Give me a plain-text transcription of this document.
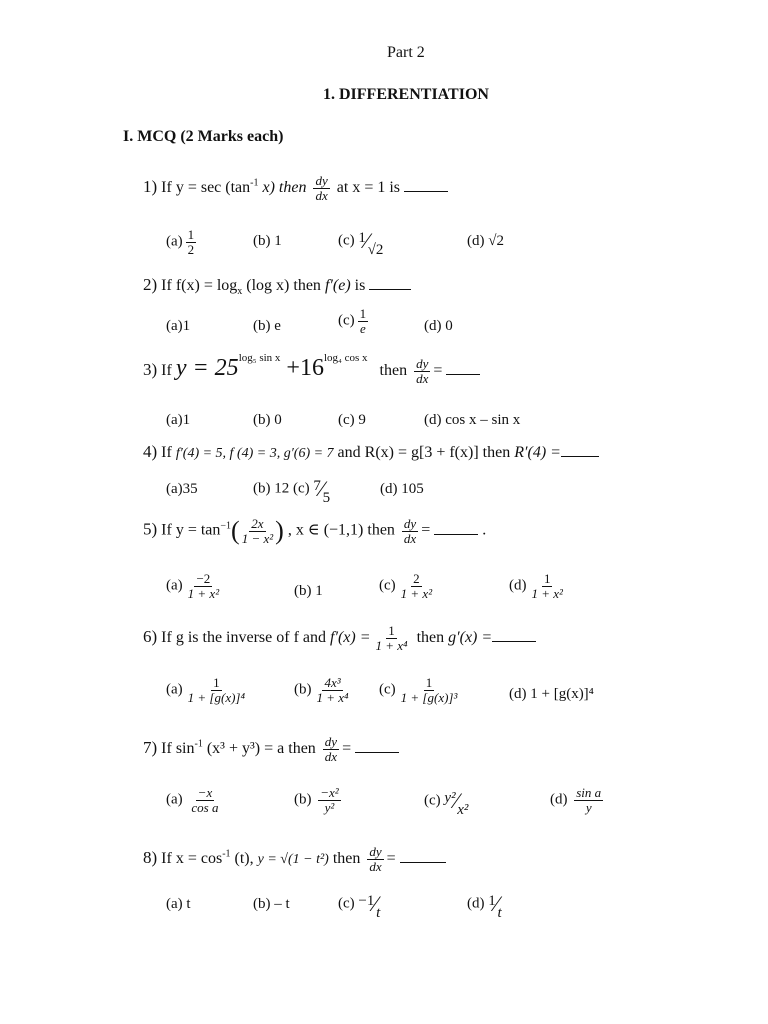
Part 2
1. DIFFERENTIATION
I. MCQ (2 Marks each)
1) If $y = \sec (\tan^{-1}$ x) then $\frac{dy}{dx}$ at x = 1 is
$(a) \frac{1}{2}$	(b) 1	(c) 1⁄√2
(d) √2
2) If $f(x) = \log_x (\log$ x) then f′(e) is
(a)1	(b) e	$(c) \frac{1}{e}$	(d) 0
3) If $y = 25^{log_5 sin x} +16^{log_4 cos x}$ then $\frac{dy}{dx}$ =
(a)1	(b) 0	(c) 9	(d) cos x – sin x
4) If f′(4) = 5, f (4) = 3, g′(6) = 7 and R(x) = g[3 + f(x)] then R′(4) =
(a)35	(b) 12 (c) 7⁄5
(d) 105
5) If $y = \tan^{-1}( \frac{2x}{\text{1 − x²}}$ ) , x ∈ (−1,1) then $\frac{dy}{dx}$ =	.
$(a) \frac{-2}{\text{1 + x²}}$	(b) 1	$(c) \frac{2}{\text{1 + x²}}$	$(d) \frac{1}{\text{1 + x²}}$
6) If g is the inverse of f and $f'(x) = \frac{1}{\text{1 + x⁴}}$ then g′(x) =
$(a) \frac{1}{\text{1 + [g(x)]⁴}}$	$(b) \frac{\text{4x³}}{\text{1 + x⁴}} (c) \frac{1}{\text{1 + [g(x)]³}}$	(d) 1 + [g(x)]⁴
7) If $\sin^{-1} (x^3 + y^3) = a$ then $\frac{dy}{dx}$ =
$(a) \frac{-x}{\text{cos a}}$	$(b) \frac{\text{−x²}}{\text{y²}}$	(c) y²⁄x²
$(d) \frac{\text{sin a}}{y}$
8) If $x = \cos^{-1} (t)$, y = √(1 − t²) then $\frac{dy}{dx}$ =
(a) t	(b) – t	(c) −1⁄t
(d) 1⁄t
